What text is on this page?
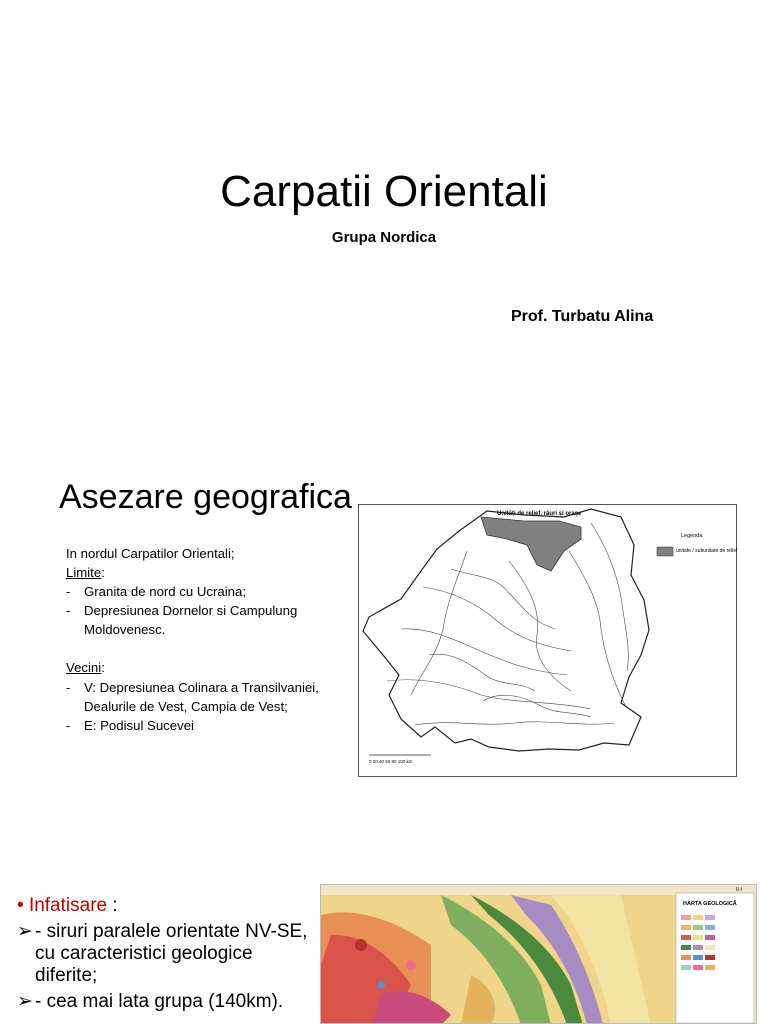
Carpatii Orientali
Grupa Nordica
Prof. Turbatu Alina
Asezare geografica
In nordul Carpatilor Orientali;
Limite:
- Granita de nord cu Ucraina;
- Depresiunea Dornelor si Campulung Moldovenesc.
Vecini:
- V: Depresiunea Colinara a Transilvaniei, Dealurile de Vest, Campia de Vest;
- E: Podisul Sucevei
Unități de relief, râuri și orașe
Legenda
unitate / subunitate de relief
0 20 40 60 80 100 km
• Infatisare :
➢ - siruri paralele orientate NV-SE, cu caracteristici geologice diferite;
➢ - cea mai lata grupa (140km).
HARTA GEOLOGICĂ
II-I
